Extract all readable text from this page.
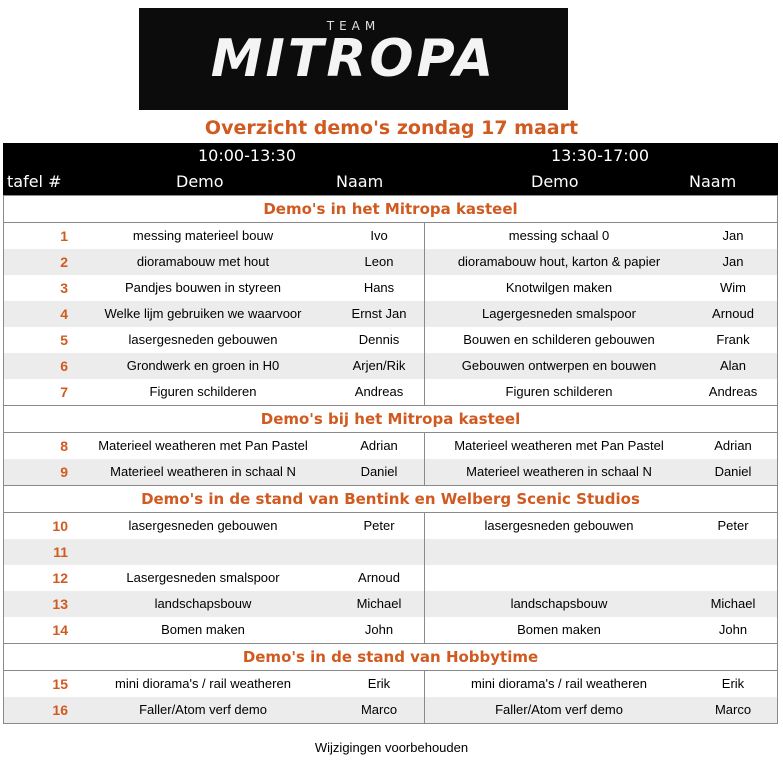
TEAM
MITROPA
Overzicht demo's zondag 17 maart
10:00-13:30	13:30-17:00
tafel #	Demo	Naam	Demo	Naam
Demo's in het Mitropa kasteel
1	messing materieel bouw	Ivo	messing schaal 0	Jan
2	dioramabouw met hout	Leon	dioramabouw hout, karton & papier	Jan
3	Pandjes bouwen in styreen	Hans	Knotwilgen maken	Wim
4	Welke lijm gebruiken we waarvoor	Ernst Jan	Lagergesneden smalspoor	Arnoud
5	lasergesneden gebouwen	Dennis	Bouwen en schilderen gebouwen	Frank
6	Grondwerk en groen in H0	Arjen/Rik	Gebouwen ontwerpen en bouwen	Alan
7	Figuren schilderen	Andreas	Figuren schilderen	Andreas
Demo's bij het Mitropa kasteel
8	Materieel weatheren met Pan Pastel	Adrian	Materieel weatheren met Pan Pastel	Adrian
9	Materieel weatheren in schaal N	Daniel	Materieel weatheren in schaal N	Daniel
Demo's in de stand van Bentink en Welberg Scenic Studios
10	lasergesneden gebouwen	Peter	lasergesneden gebouwen	Peter
11
12	Lasergesneden smalspoor	Arnoud
13	landschapsbouw	Michael	landschapsbouw	Michael
14	Bomen maken	John	Bomen maken	John
Demo's in de stand van Hobbytime
15	mini diorama's / rail weatheren	Erik	mini diorama's / rail weatheren	Erik
16	Faller/Atom verf demo	Marco	Faller/Atom verf demo	Marco
Wijzigingen voorbehouden
